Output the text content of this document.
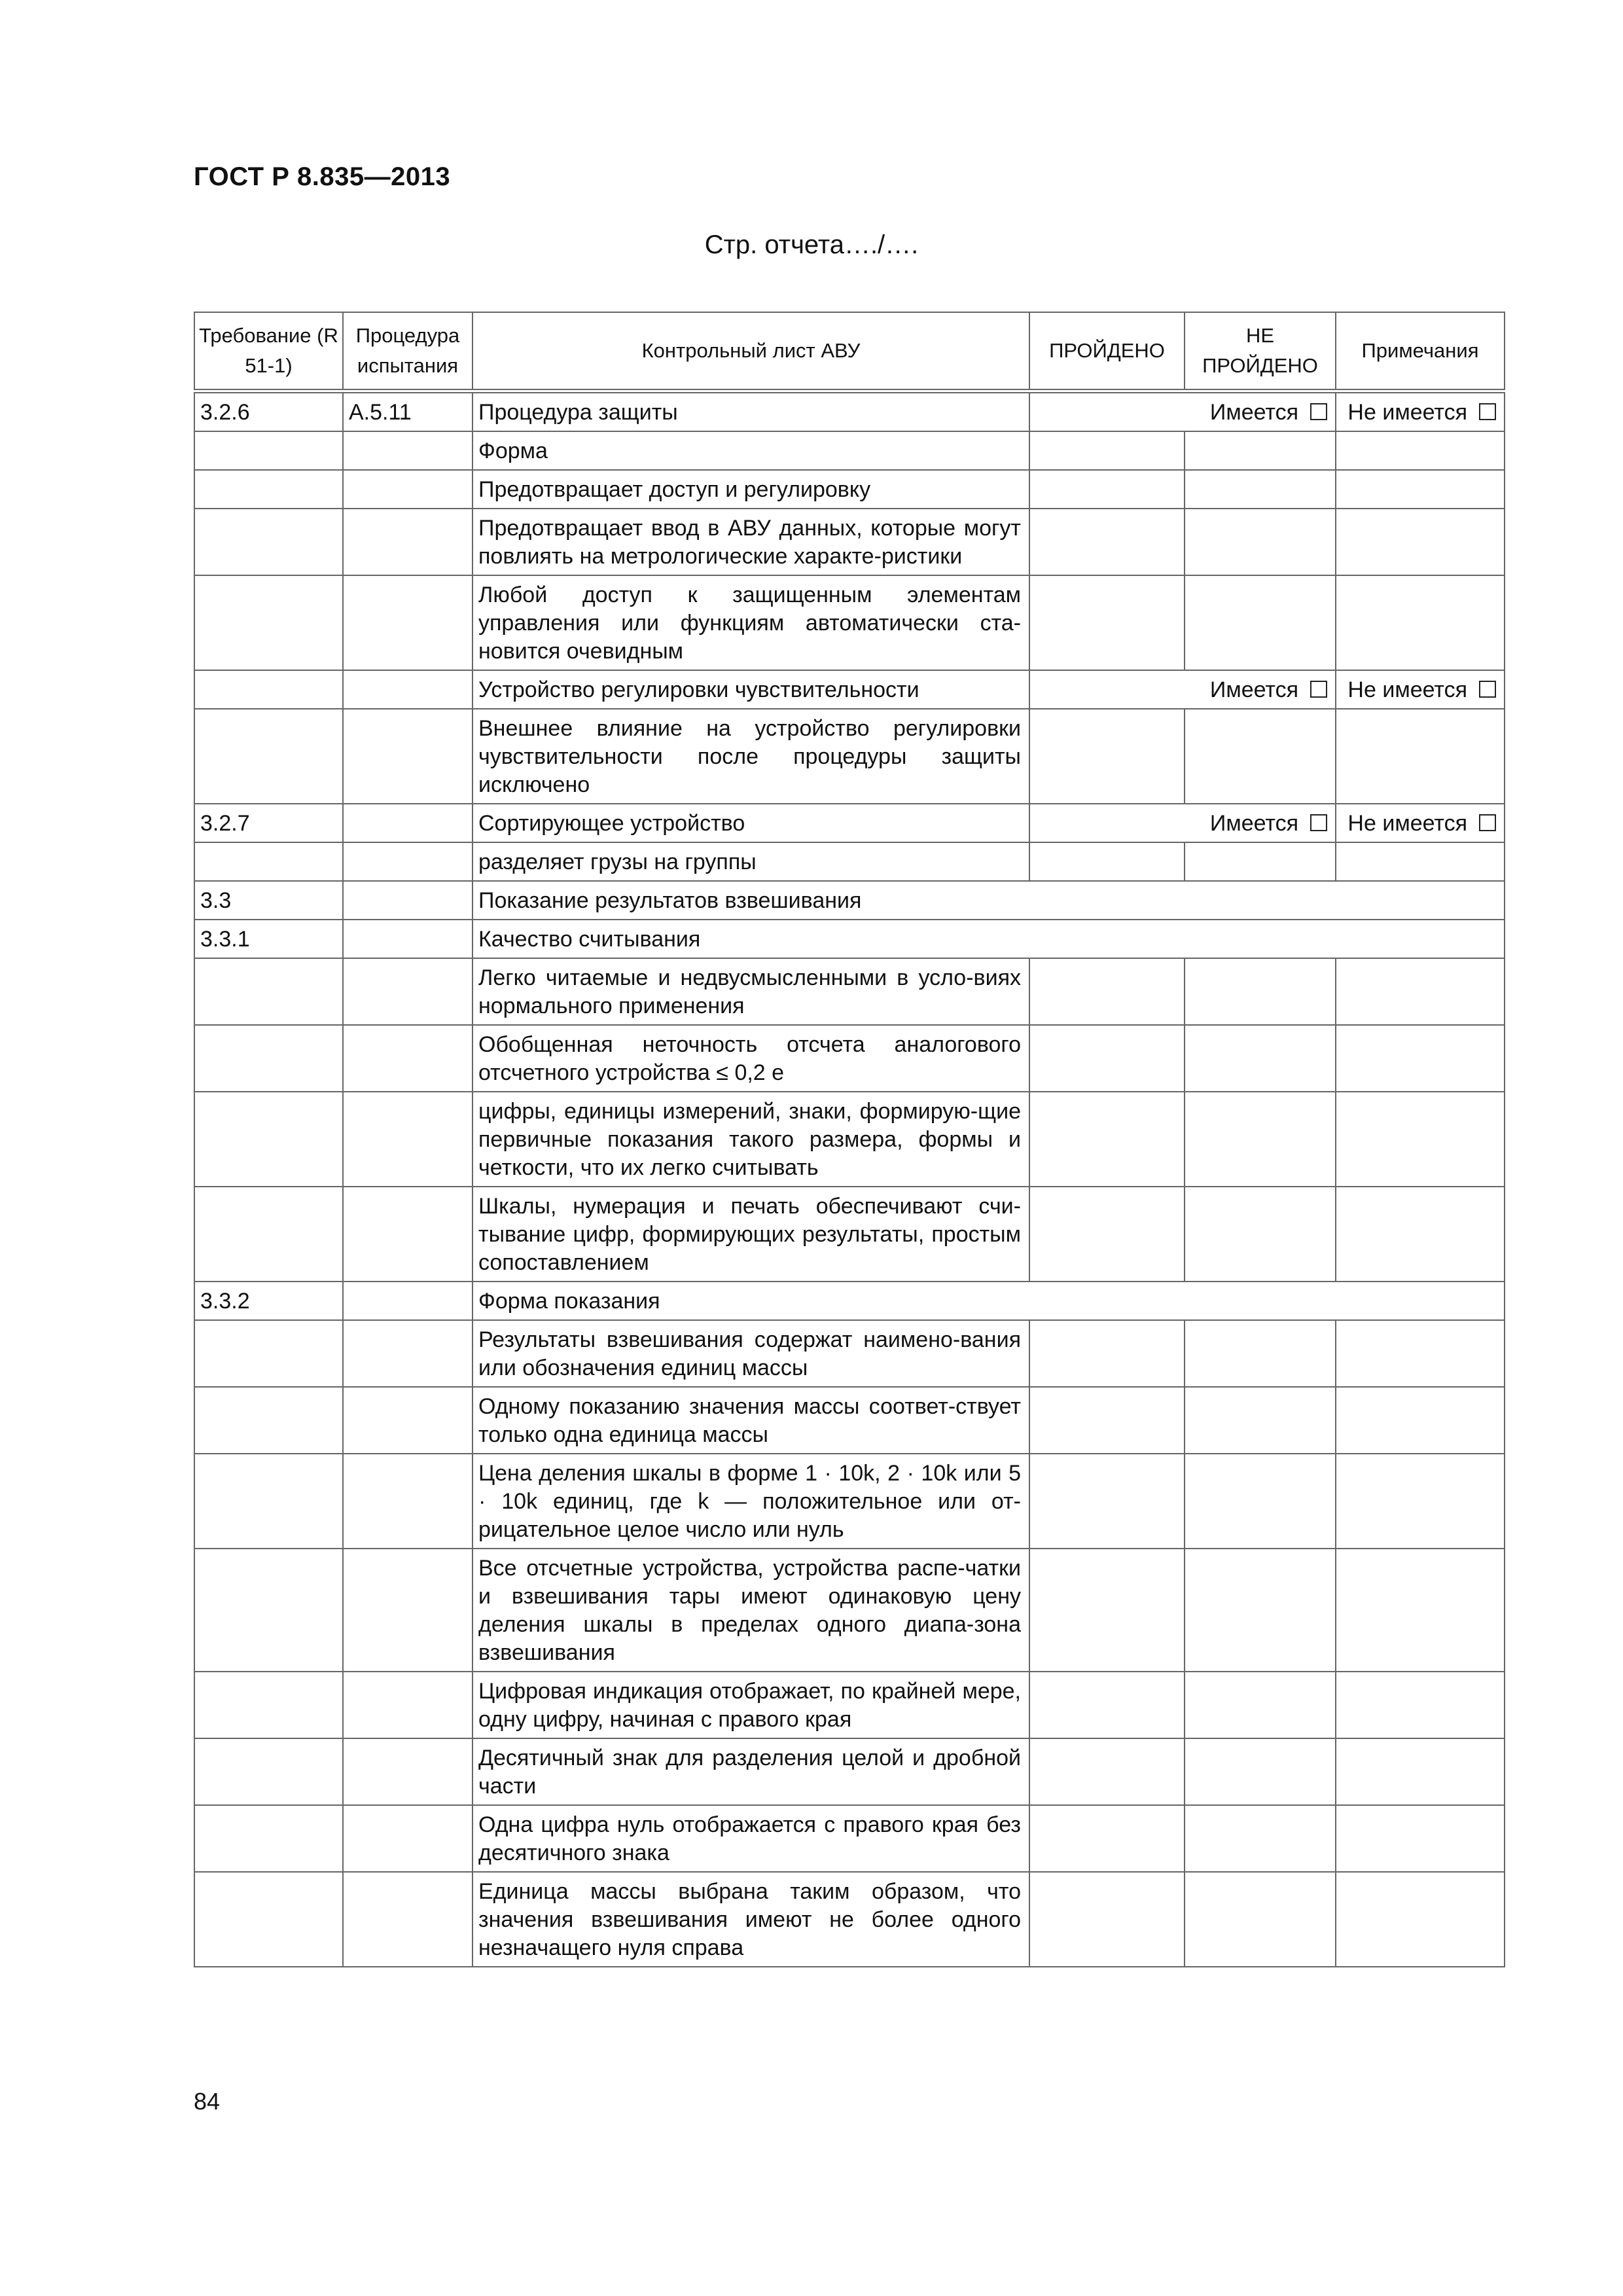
ГОСТ Р 8.835—2013
Стр. отчета…./….
Требование (R 51-1)	Процедура испытания	Контрольный лист АВУ	ПРОЙДЕНО	НЕ ПРОЙДЕНО	Примечания
3.2.6	А.5.11	Процедура защиты	Имеется		Не имеется
		Форма			
		Предотвращает доступ и регулировку			
		Предотвращает ввод в АВУ данных, которые могут повлиять на метрологические характе-ристики			
		Любой доступ к защищенным элементам управления или функциям автоматически ста-новится очевидным			
		Устройство регулировки чувствительности	Имеется		Не имеется
		Внешнее влияние на устройство регулировки чувствительности после процедуры защиты исключено			
3.2.7		Сортирующее устройство	Имеется		Не имеется
		разделяет грузы на группы			
3.3		Показание результатов взвешивания			
3.3.1		Качество считывания			
		Легко читаемые и недвусмысленными в усло-виях нормального применения			
		Обобщенная неточность отсчета аналогового отсчетного устройства ≤ 0,2 e			
		цифры, единицы измерений, знаки, формирую-щие первичные показания такого размера, формы и четкости, что их легко считывать			
		Шкалы, нумерация и печать обеспечивают счи-тывание цифр, формирующих результаты, простым сопоставлением			
3.3.2		Форма показания			
		Результаты взвешивания содержат наимено-вания или обозначения единиц массы			
		Одному показанию значения массы соответ-ствует только одна единица массы			
		Цена деления шкалы в форме 1 · 10k, 2 · 10k или 5 · 10k единиц, где k — положительное или от-рицательное целое число или нуль			
		Все отсчетные устройства, устройства распе-чатки и взвешивания тары имеют одинаковую цену деления шкалы в пределах одного диапа-зона взвешивания			
		Цифровая индикация отображает, по крайней мере, одну цифру, начиная с правого края			
		Десятичный знак для разделения целой и дробной части			
		Одна цифра нуль отображается с правого края без десятичного знака			
		Единица массы выбрана таким образом, что значения взвешивания имеют не более одного незначащего нуля справа			
84
